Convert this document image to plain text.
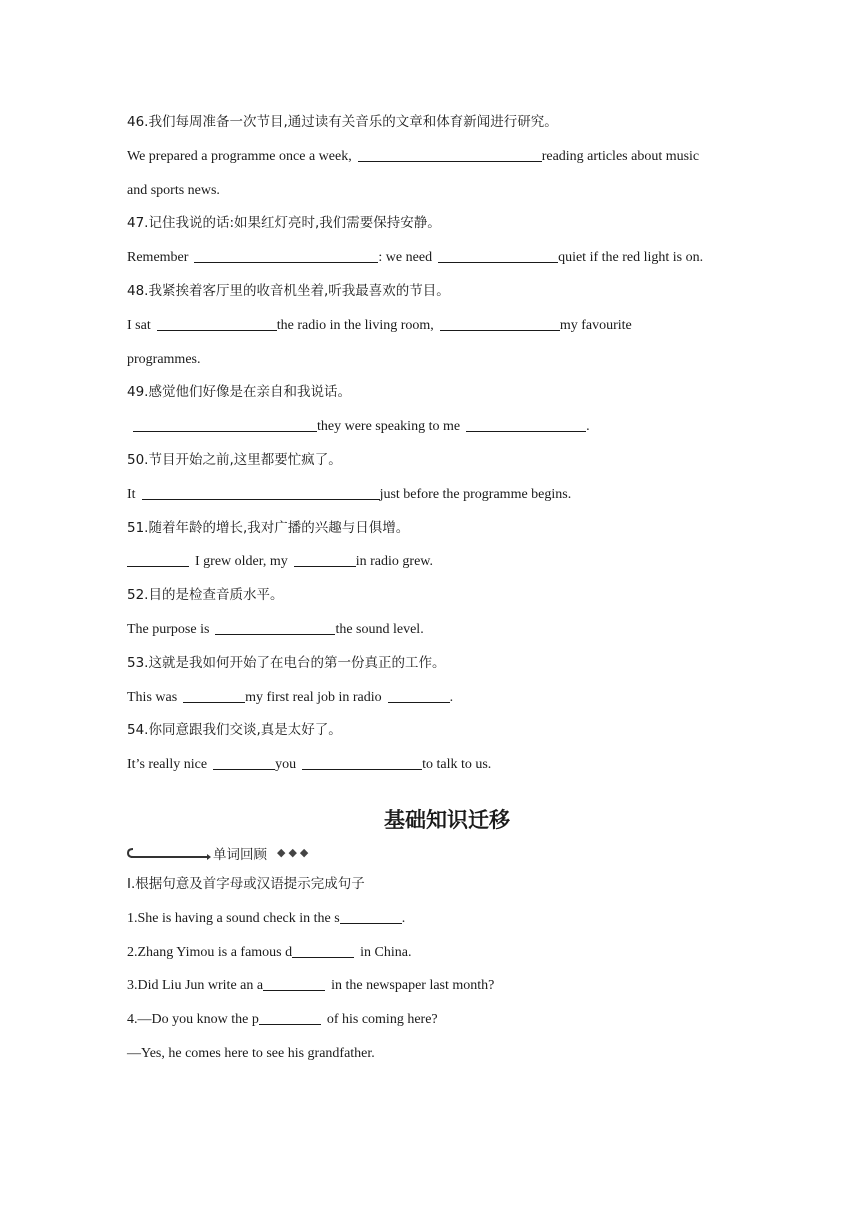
46.我们每周准备一次节目,通过读有关音乐的文章和体育新闻进行研究。
We prepared a programme once a week,	reading articles about music
and sports news.
47.记住我说的话:如果红灯亮时,我们需要保持安静。
Remember	: we need	quiet if the red light is on.
48.我紧挨着客厅里的收音机坐着,听我最喜欢的节目。
I sat	the radio in the living room,	my favourite
programmes.
49.感觉他们好像是在亲自和我说话。
they were speaking to me	.
50.节目开始之前,这里都要忙疯了。
It	just before the programme begins.
51.随着年龄的增长,我对广播的兴趣与日俱增。
I grew older, my	in radio grew.
52.目的是检查音质水平。
The purpose is	the sound level.
53.这就是我如何开始了在电台的第一份真正的工作。
This was	my first real job in radio	.
54.你同意跟我们交谈,真是太好了。
It’s really nice	you	to talk to us.
基础知识迁移
单词回顾 ◆◆◆
I.根据句意及首字母或汉语提示完成句子
1.She is having a sound check in the s	.
2.Zhang Yimou is a famous d	in China.
3.Did Liu Jun write an a	in the newspaper last month?
4.—Do you know the p	of his coming here?
—Yes, he comes here to see his grandfather.
